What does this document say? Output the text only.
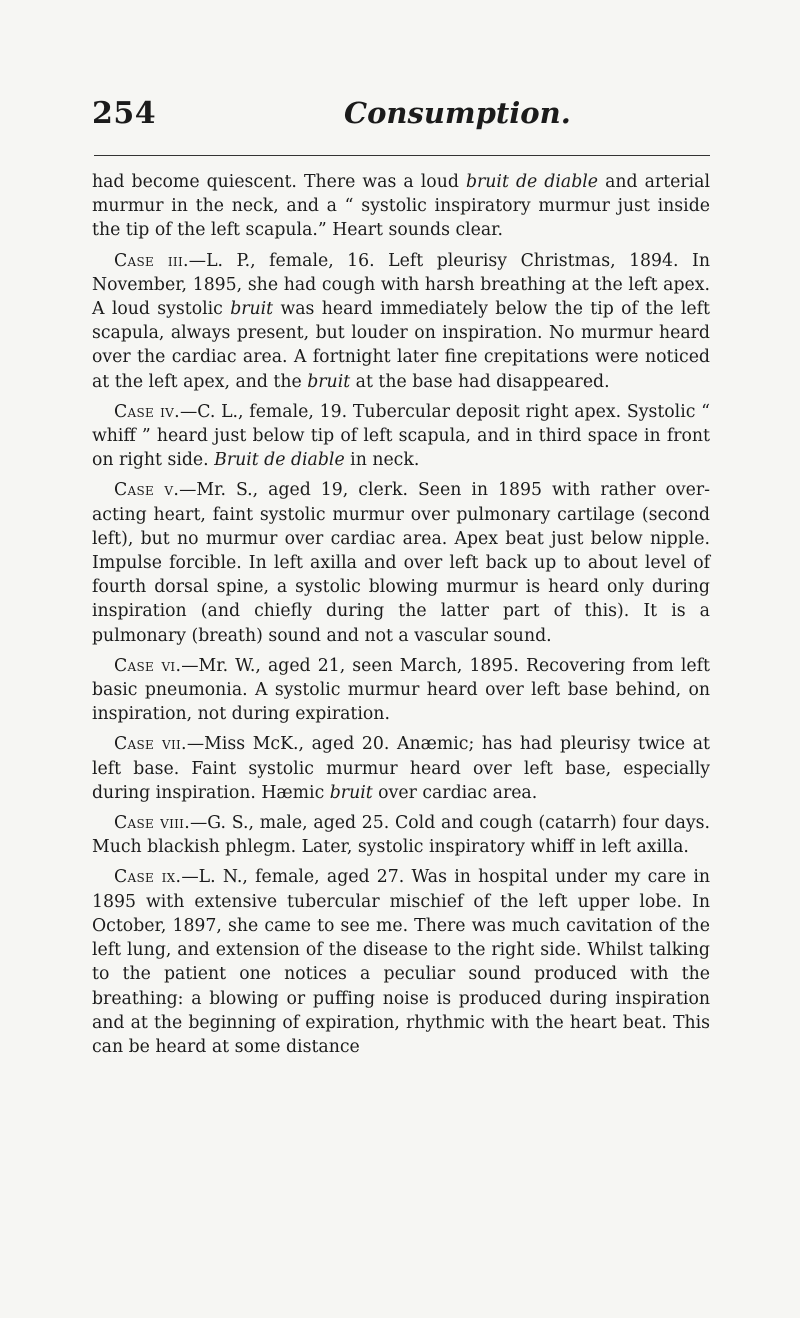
254	Consumption.

had become quiescent. There was a loud bruit de diable and arterial murmur in the neck, and a “ systolic inspiratory murmur just inside the tip of the left scapula.” Heart sounds clear.

Case iii.—L. P., female, 16. Left pleurisy Christmas, 1894. In November, 1895, she had cough with harsh breathing at the left apex. A loud systolic bruit was heard immediately below the tip of the left scapula, always present, but louder on inspiration. No murmur heard over the cardiac area. A fortnight later fine crepitations were noticed at the left apex, and the bruit at the base had disappeared.

Case iv.—C. L., female, 19. Tubercular deposit right apex. Systolic “ whiff ” heard just below tip of left scapula, and in third space in front on right side. Bruit de diable in neck.

Case v.—Mr. S., aged 19, clerk. Seen in 1895 with rather over-acting heart, faint systolic murmur over pulmonary cartilage (second left), but no murmur over cardiac area. Apex beat just below nipple. Impulse forcible. In left axilla and over left back up to about level of fourth dorsal spine, a systolic blowing murmur is heard only during inspiration (and chiefly during the latter part of this). It is a pulmonary (breath) sound and not a vascular sound.

Case vi.—Mr. W., aged 21, seen March, 1895. Recovering from left basic pneumonia. A systolic murmur heard over left base behind, on inspiration, not during expiration.

Case vii.—Miss McK., aged 20. Anæmic; has had pleurisy twice at left base. Faint systolic murmur heard over left base, especially during inspiration. Hæmic bruit over cardiac area.

Case viii.—G. S., male, aged 25. Cold and cough (catarrh) four days. Much blackish phlegm. Later, systolic inspiratory whiff in left axilla.

Case ix.—L. N., female, aged 27. Was in hospital under my care in 1895 with extensive tubercular mischief of the left upper lobe. In October, 1897, she came to see me. There was much cavitation of the left lung, and extension of the disease to the right side. Whilst talking to the patient one notices a peculiar sound produced with the breathing: a blowing or puffing noise is produced during inspiration and at the beginning of expiration, rhythmic with the heart beat. This can be heard at some distance
